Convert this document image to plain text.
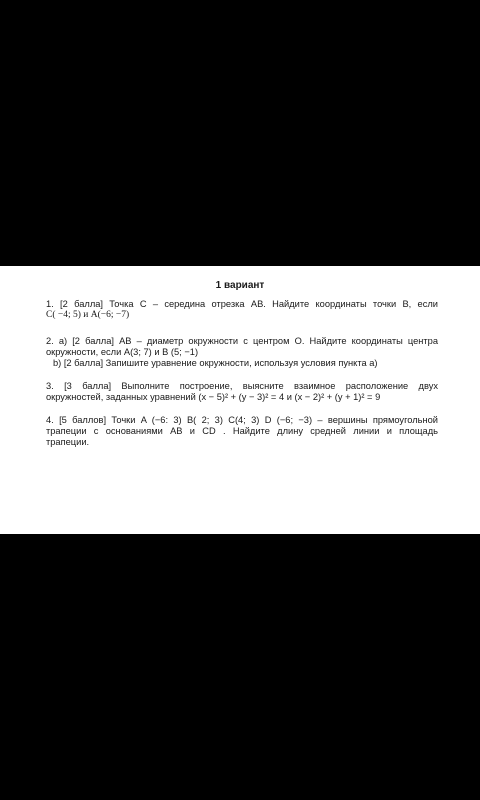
1 вариант

1. [2 балла] Точка С – середина отрезка АВ. Найдите координаты точки В, если

С( −4; 5) и A(−6; −7)

2. а) [2 балла] АВ – диаметр окружности с центром О. Найдите координаты центра

окружности, если A(3; 7) и B (5; −1)

b) [2 балла] Запишите уравнение окружности, используя условия пункта а)

3. [3 балла] Выполните построение, выясните взаимное расположение двух

окружностей, заданных уравнений (x − 5)² + (y − 3)² = 4 и (x − 2)² + (y + 1)² = 9

4. [5 баллов] Точки A (−6: 3) B( 2; 3) C(4; 3) D (−6; −3) – вершины прямоугольной

трапеции с основаниями АВ и CD . Найдите длину средней линии и площадь

трапеции.
